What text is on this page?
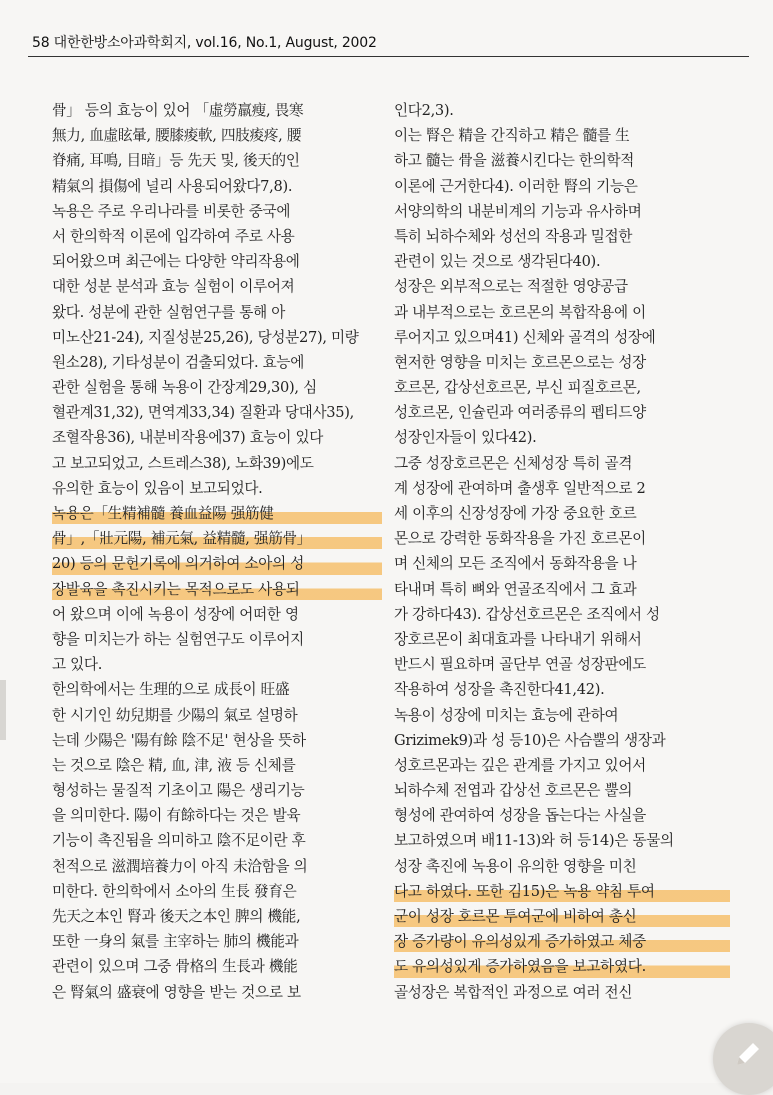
58 대한한방소아과학회지, vol.16, No.1, August, 2002

骨」 등의 효능이 있어 「虛勞羸瘦, 畏寒
無力, 血虛眩暈, 腰膝痠軟, 四肢痠疼, 腰
脊痛, 耳鳴, 目暗」등 先天 및, 後天的인
精氣의 損傷에 널리 사용되어왔다7,8).
녹용은 주로 우리나라를 비롯한 중국에
서 한의학적 이론에 입각하여 주로 사용
되어왔으며 최근에는 다양한 약리작용에
대한 성분 분석과 효능 실험이 이루어져
왔다. 성분에 관한 실험연구를 통해 아
미노산21-24), 지질성분25,26), 당성분27), 미량
원소28), 기타성분이 검출되었다. 효능에
관한 실험을 통해 녹용이 간장계29,30), 심
혈관계31,32), 면역계33,34) 질환과 당대사35),
조혈작용36), 내분비작용에37) 효능이 있다
고 보고되었고, 스트레스38), 노화39)에도
유의한 효능이 있음이 보고되었다.
녹용은「生精補髓 養血益陽 强筋健
骨」,「壯元陽, 補元氣, 益精髓, 强筋骨」
20) 등의 문헌기록에 의거하여 소아의 성
장발육을 촉진시키는 목적으로도 사용되
어 왔으며 이에 녹용이 성장에 어떠한 영
향을 미치는가 하는 실험연구도 이루어지
고 있다.
한의학에서는 生理的으로 成長이 旺盛
한 시기인 幼兒期를 少陽의 氣로 설명하
는데 少陽은 '陽有餘 陰不足' 현상을 뜻하
는 것으로 陰은 精, 血, 津, 液 등 신체를
형성하는 물질적 기초이고 陽은 생리기능
을 의미한다. 陽이 有餘하다는 것은 발육
기능이 촉진됨을 의미하고 陰不足이란 후
천적으로 滋潤培養力이 아직 未洽함을 의
미한다. 한의학에서 소아의 生長 發育은
先天之本인 腎과 後天之本인 脾의 機能,
또한 一身의 氣를 主宰하는 肺의 機能과
관련이 있으며 그중 骨格의 生長과 機能
은 腎氣의 盛衰에 영향을 받는 것으로 보

인다2,3).
이는 腎은 精을 간직하고 精은 髓를 生
하고 髓는 骨을 滋養시킨다는 한의학적
이론에 근거한다4). 이러한 腎의 기능은
서양의학의 내분비계의 기능과 유사하며
특히 뇌하수체와 성선의 작용과 밀접한
관련이 있는 것으로 생각된다40).
성장은 외부적으로는 적절한 영양공급
과 내부적으로는 호르몬의 복합작용에 이
루어지고 있으며41) 신체와 골격의 성장에
현저한 영향을 미치는 호르몬으로는 성장
호르몬, 갑상선호르몬, 부신 피질호르몬,
성호르몬, 인슐린과 여러종류의 펩티드양
성장인자들이 있다42).
그중 성장호르몬은 신체성장 특히 골격
계 성장에 관여하며 출생후 일반적으로 2
세 이후의 신장성장에 가장 중요한 호르
몬으로 강력한 동화작용을 가진 호르몬이
며 신체의 모든 조직에서 동화작용을 나
타내며 특히 뼈와 연골조직에서 그 효과
가 강하다43). 갑상선호르몬은 조직에서 성
장호르몬이 최대효과를 나타내기 위해서
반드시 필요하며 골단부 연골 성장판에도
작용하여 성장을 촉진한다41,42).
녹용이 성장에 미치는 효능에 관하여
Grizimek9)과 성 등10)은 사슴뿔의 생장과
성호르몬과는 깊은 관계를 가지고 있어서
뇌하수체 전엽과 갑상선 호르몬은 뿔의
형성에 관여하여 성장을 돕는다는 사실을
보고하였으며 배11-13)와 허 등14)은 동물의
성장 촉진에 녹용이 유의한 영향을 미친
다고 하였다. 또한 김15)은 녹용 약침 투여
군이 성장 호르몬 투여군에 비하여 총신
장 증가량이 유의성있게 증가하였고 체중
도 유의성있게 증가하였음을 보고하였다.
골성장은 복합적인 과정으로 여러 전신
